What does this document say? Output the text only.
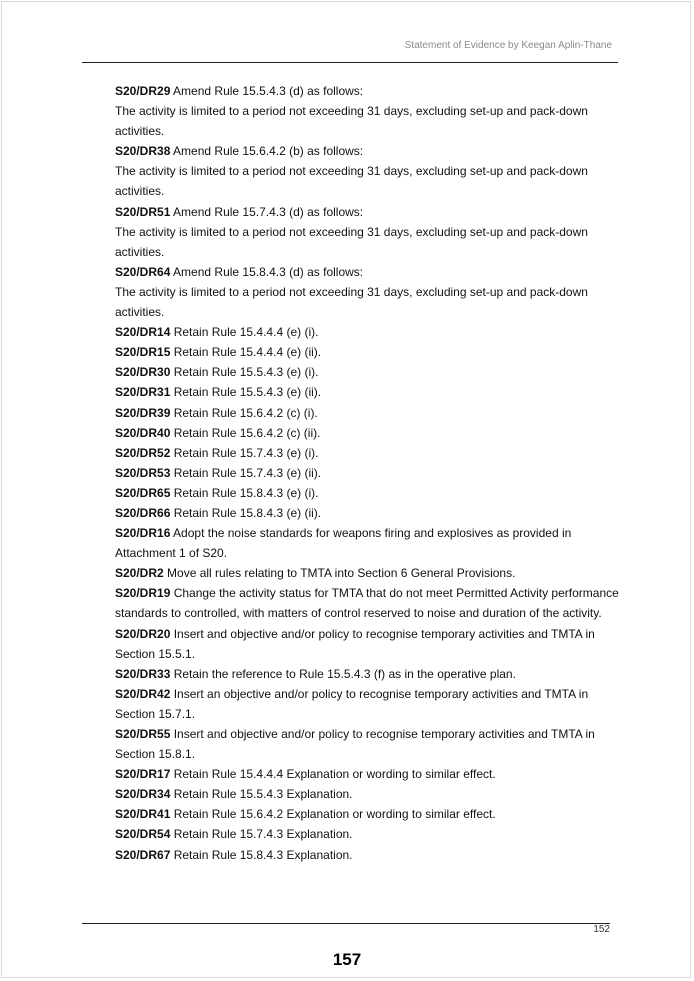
Statement of Evidence by Keegan Aplin-Thane
S20/DR29 Amend Rule 15.5.4.3 (d) as follows:
The activity is limited to a period not exceeding 31 days, excluding set-up and pack-down
activities.
S20/DR38 Amend Rule 15.6.4.2 (b) as follows:
The activity is limited to a period not exceeding 31 days, excluding set-up and pack-down
activities.
S20/DR51 Amend Rule 15.7.4.3 (d) as follows:
The activity is limited to a period not exceeding 31 days, excluding set-up and pack-down
activities.
S20/DR64 Amend Rule 15.8.4.3 (d) as follows:
The activity is limited to a period not exceeding 31 days, excluding set-up and pack-down
activities.
S20/DR14 Retain Rule 15.4.4.4 (e) (i).
S20/DR15 Retain Rule 15.4.4.4 (e) (ii).
S20/DR30 Retain Rule 15.5.4.3 (e) (i).
S20/DR31 Retain Rule 15.5.4.3 (e) (ii).
S20/DR39 Retain Rule 15.6.4.2 (c) (i).
S20/DR40 Retain Rule 15.6.4.2 (c) (ii).
S20/DR52 Retain Rule 15.7.4.3 (e) (i).
S20/DR53 Retain Rule 15.7.4.3 (e) (ii).
S20/DR65 Retain Rule 15.8.4.3 (e) (i).
S20/DR66 Retain Rule 15.8.4.3 (e) (ii).
S20/DR16 Adopt the noise standards for weapons firing and explosives as provided in
Attachment 1 of S20.
S20/DR2 Move all rules relating to TMTA into Section 6 General Provisions.
S20/DR19 Change the activity status for TMTA that do not meet Permitted Activity performance
standards to controlled, with matters of control reserved to noise and duration of the activity.
S20/DR20 Insert and objective and/or policy to recognise temporary activities and TMTA in
Section 15.5.1.
S20/DR33 Retain the reference to Rule 15.5.4.3 (f) as in the operative plan.
S20/DR42 Insert an objective and/or policy to recognise temporary activities and TMTA in
Section 15.7.1.
S20/DR55 Insert and objective and/or policy to recognise temporary activities and TMTA in
Section 15.8.1.
S20/DR17 Retain Rule 15.4.4.4 Explanation or wording to similar effect.
S20/DR34 Retain Rule 15.5.4.3 Explanation.
S20/DR41 Retain Rule 15.6.4.2 Explanation or wording to similar effect.
S20/DR54 Retain Rule 15.7.4.3 Explanation.
S20/DR67 Retain Rule 15.8.4.3 Explanation.
152
157
